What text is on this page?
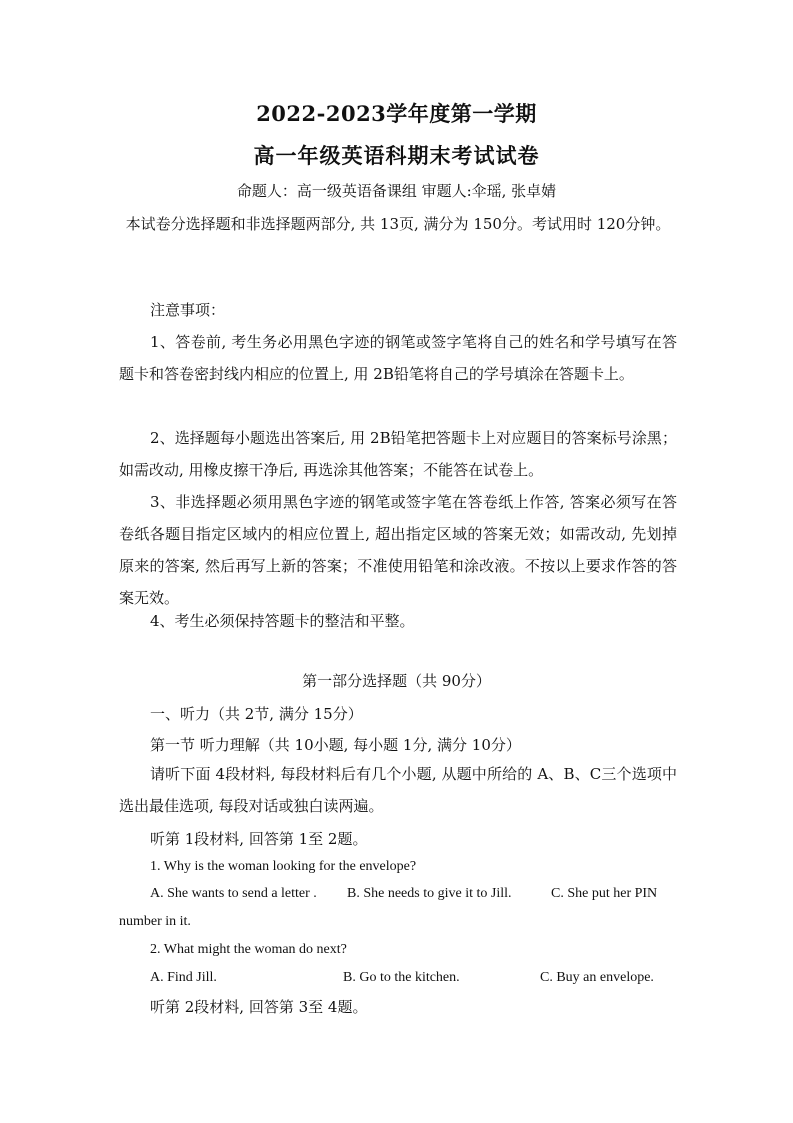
2022-2023学年度第一学期
高一年级英语科期末考试试卷
命题人：高一级英语备课组 审题人:伞瑶, 张卓婧
本试卷分选择题和非选择题两部分, 共 13页, 满分为 150分。考试用时 120分钟。
注意事项：

1、答卷前, 考生务必用黑色字迹的钢笔或签字笔将自己的姓名和学号填写在答题卡和答卷密封线内相应的位置上, 用 2B铅笔将自己的学号填涂在答题卡上。

2、选择题每小题选出答案后, 用 2B铅笔把答题卡上对应题目的答案标号涂黑；如需改动, 用橡皮擦干净后, 再选涂其他答案；不能答在试卷上。

3、非选择题必须用黑色字迹的钢笔或签字笔在答卷纸上作答, 答案必须写在答卷纸各题目指定区域内的相应位置上, 超出指定区域的答案无效；如需改动, 先划掉原来的答案, 然后再写上新的答案；不准使用铅笔和涂改液。不按以上要求作答的答案无效。

4、考生必须保持答题卡的整洁和平整。

第一部分选择题（共 90分）
一、听力（共 2节, 满分 15分）
第一节 听力理解（共 10小题, 每小题 1分, 满分 10分）

请听下面 4段材料, 每段材料后有几个小题, 从题中所给的 A、B、C三个选项中选出最佳选项, 每段对话或独白读两遍。

听第 1段材料, 回答第 1至 2题。
1. Why is the woman looking for the envelope?
A. She wants to send a letter . B. She needs to give it to Jill.	C. She put her PIN
number in it.
2. What might the woman do next?
A. Find Jill.	B. Go to the kitchen.	C. Buy an envelope.
听第 2段材料, 回答第 3至 4题。
